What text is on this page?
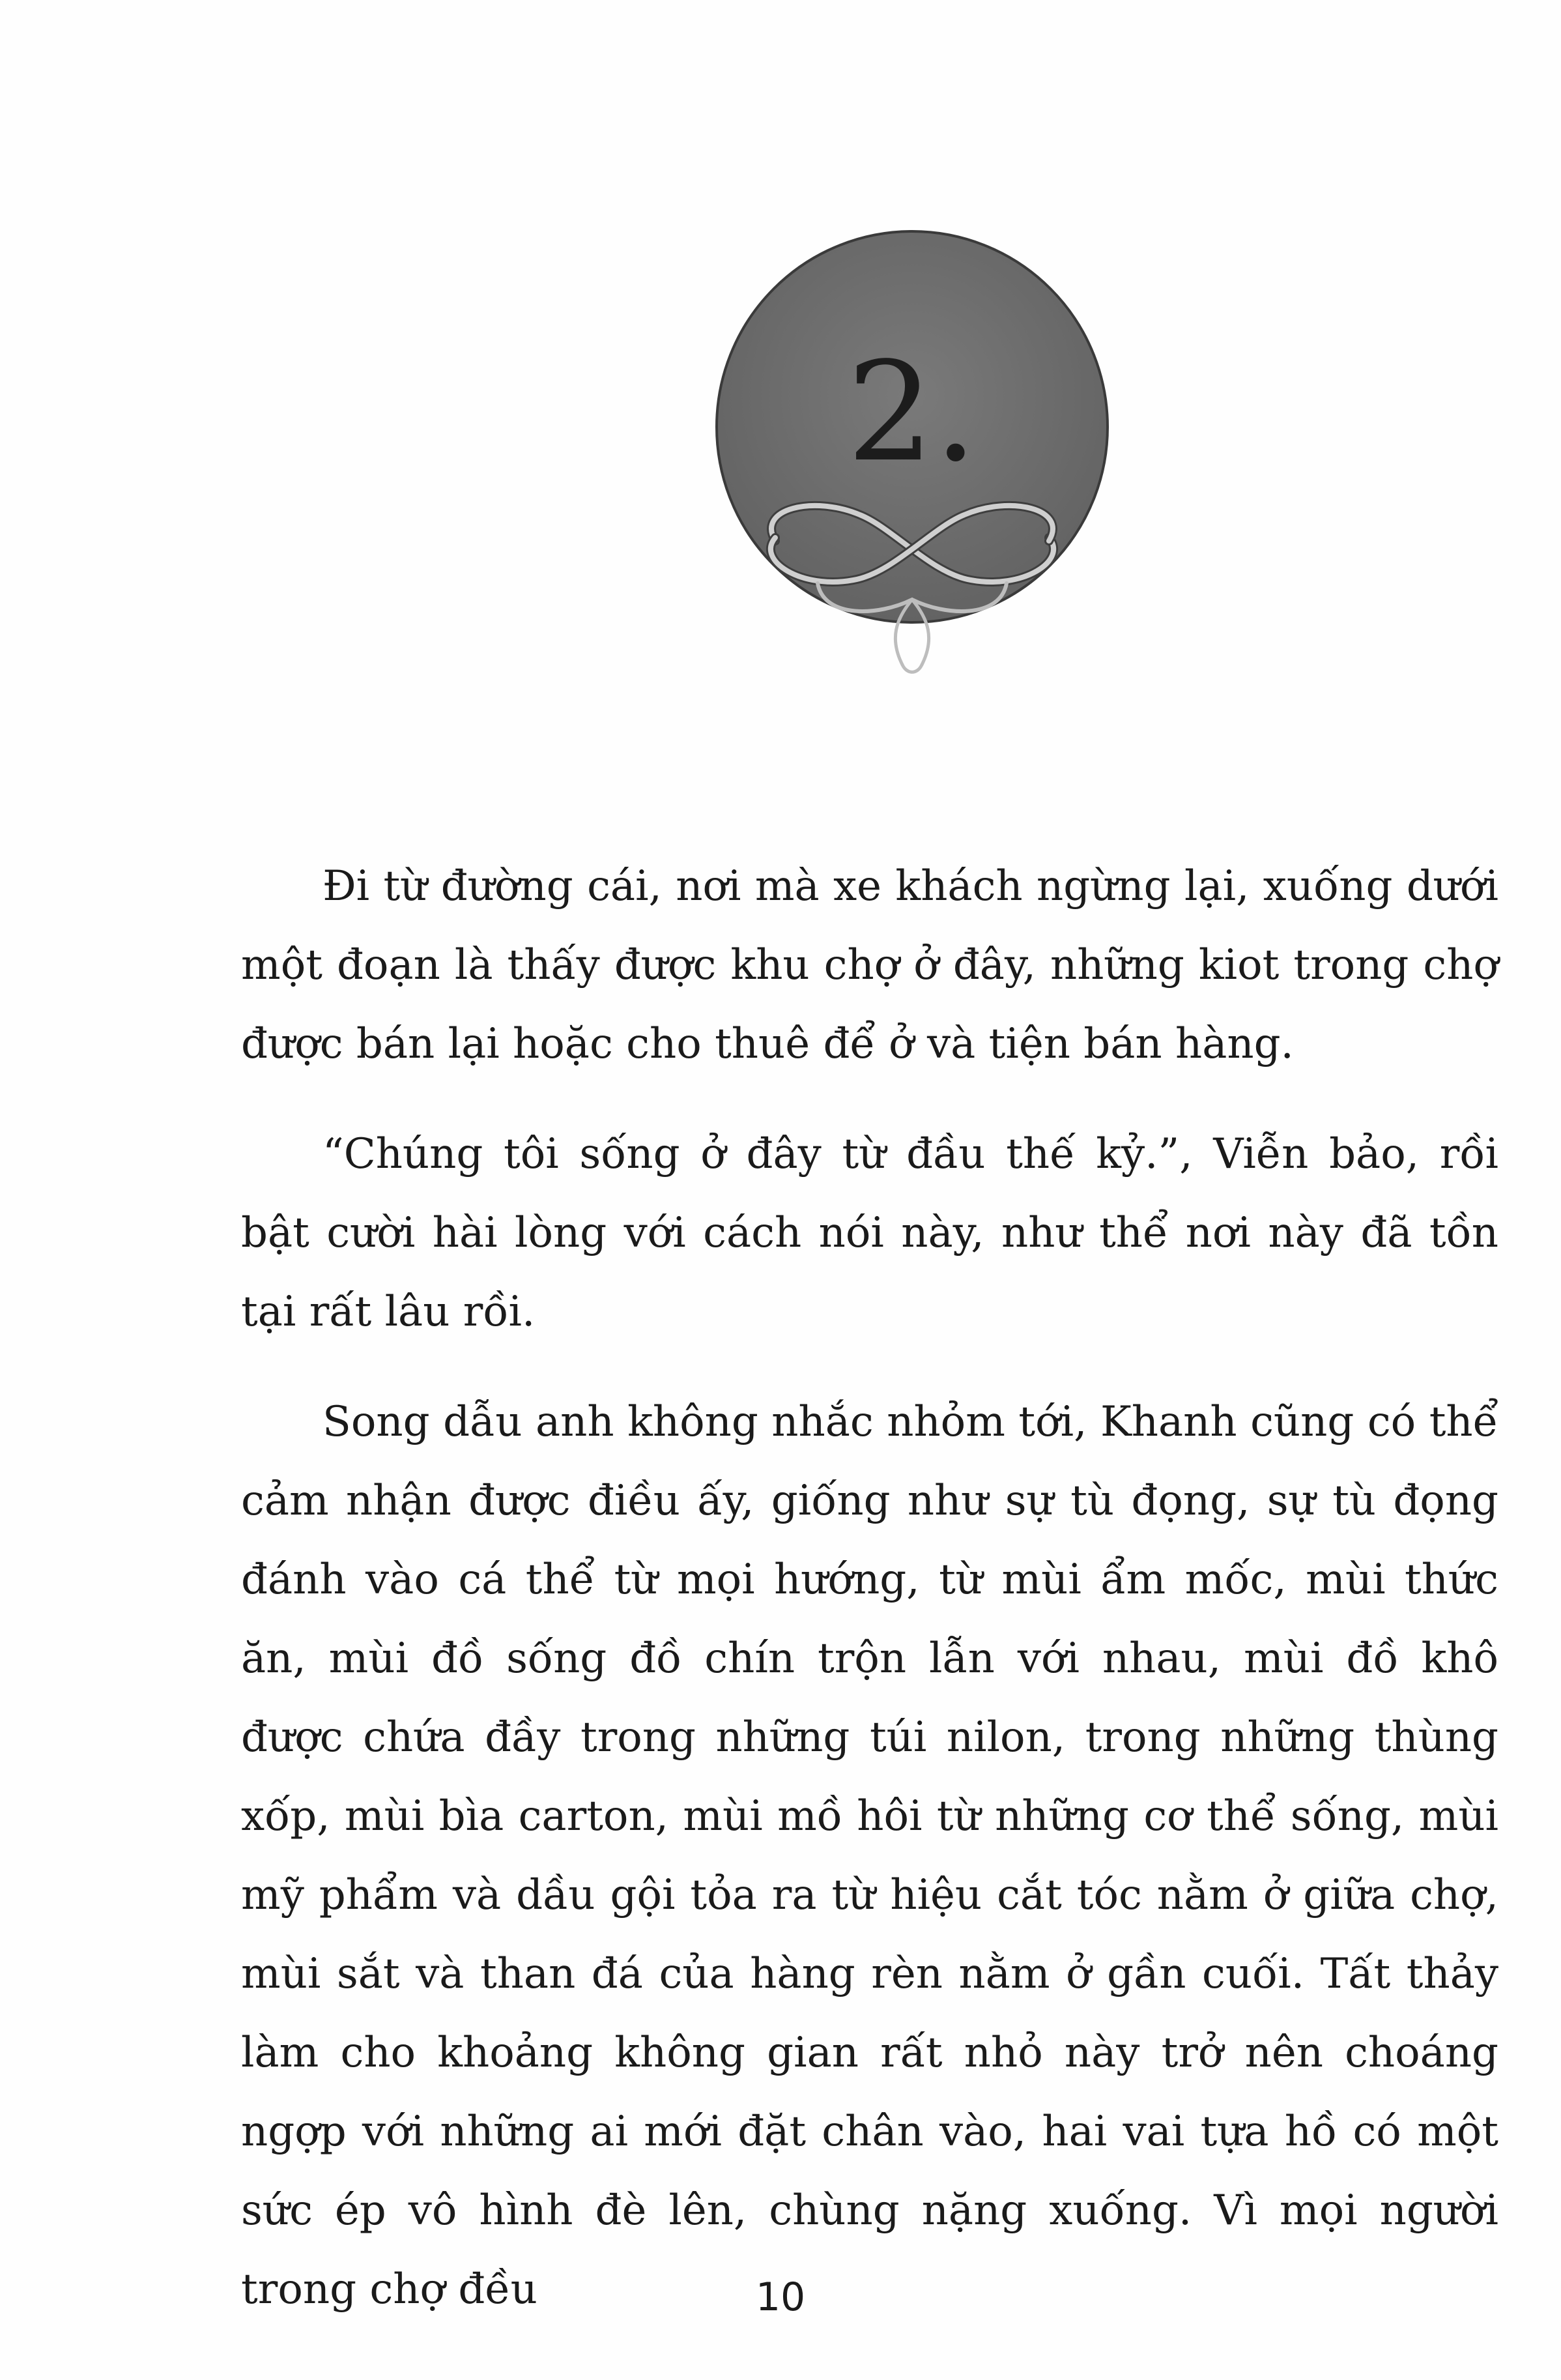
2.

Đi từ đường cái, nơi mà xe khách ngừng lại, xuống dưới một đoạn là thấy được khu chợ ở đây, những kiot trong chợ được bán lại hoặc cho thuê để ở và tiện bán hàng.

“Chúng tôi sống ở đây từ đầu thế kỷ.”, Viễn bảo, rồi bật cười hài lòng với cách nói này, như thể nơi này đã tồn tại rất lâu rồi.

Song dẫu anh không nhắc nhỏm tới, Khanh cũng có thể cảm nhận được điều ấy, giống như sự tù đọng, sự tù đọng đánh vào cá thể từ mọi hướng, từ mùi ẩm mốc, mùi thức ăn, mùi đồ sống đồ chín trộn lẫn với nhau, mùi đồ khô được chứa đầy trong những túi nilon, trong những thùng xốp, mùi bìa carton, mùi mồ hôi từ những cơ thể sống, mùi mỹ phẩm và dầu gội tỏa ra từ hiệu cắt tóc nằm ở giữa chợ, mùi sắt và than đá của hàng rèn nằm ở gần cuối. Tất thảy làm cho khoảng không gian rất nhỏ này trở nên choáng ngợp với những ai mới đặt chân vào, hai vai tựa hồ có một sức ép vô hình đè lên, chùng nặng xuống. Vì mọi người trong chợ đều	10
